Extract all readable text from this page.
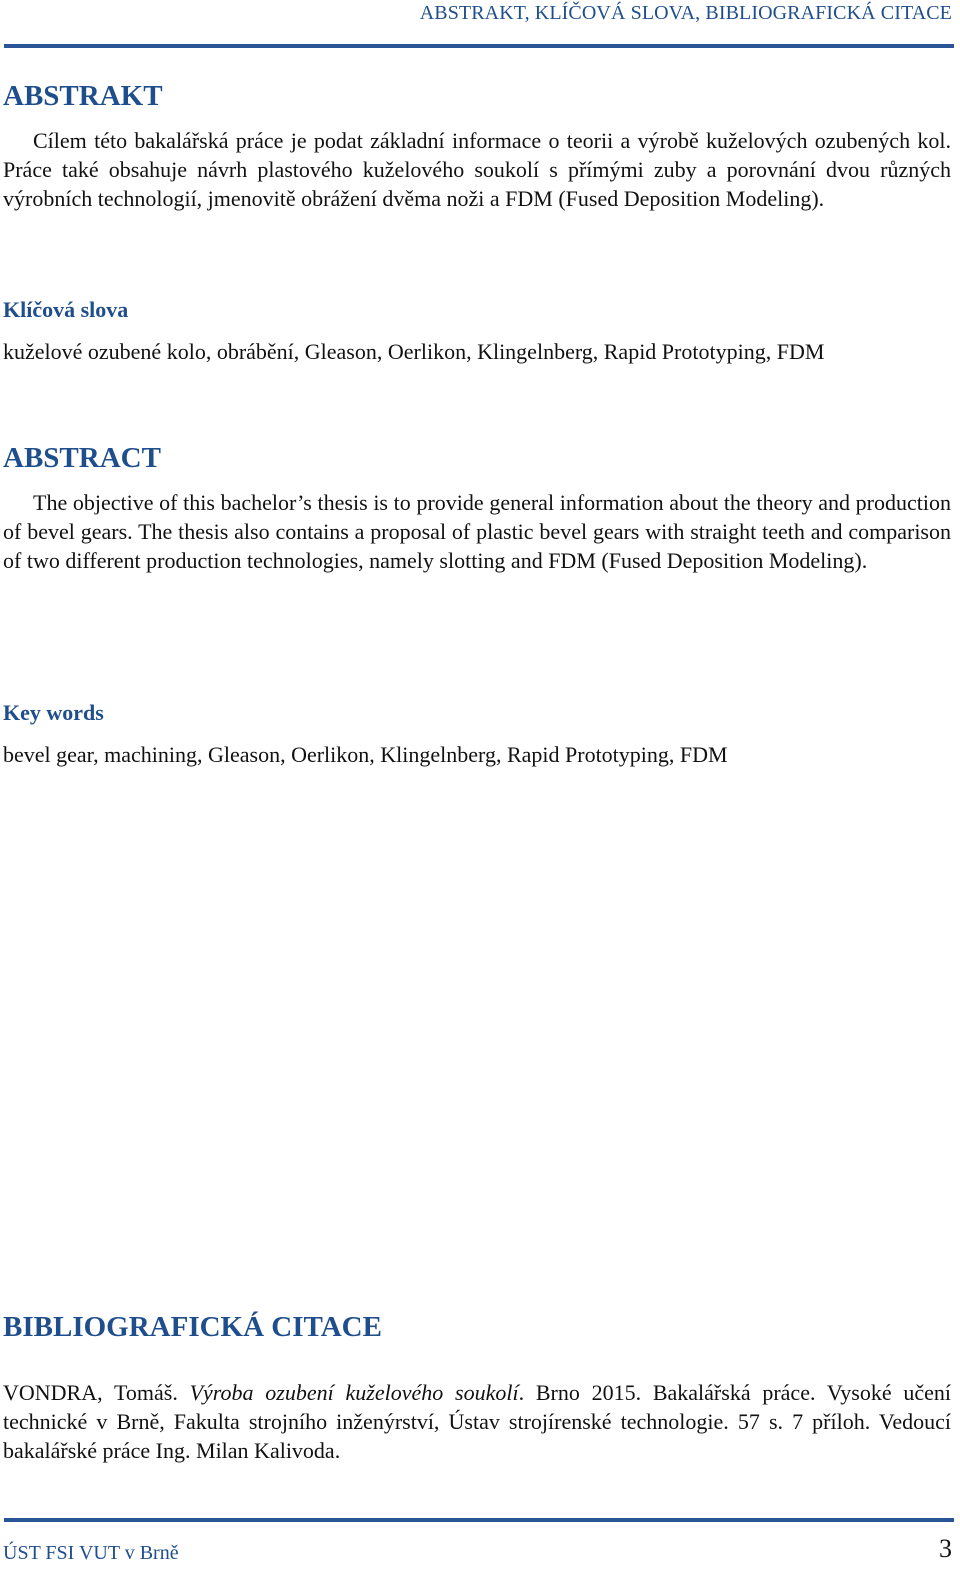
ABSTRAKT, KLÍČOVÁ SLOVA, BIBLIOGRAFICKÁ CITACE
ABSTRAKT

Cílem této bakalářská práce je podat základní informace o teorii a výrobě kuželových ozubených kol. Práce také obsahuje návrh plastového kuželového soukolí s přímými zuby a porovnání dvou různých výrobních technologií, jmenovitě obrážení dvěma noži a FDM (Fused Deposition Modeling).

Klíčová slova

kuželové ozubené kolo, obrábění, Gleason, Oerlikon, Klingelnberg, Rapid Prototyping, FDM

ABSTRACT

The objective of this bachelor’s thesis is to provide general information about the theory and production of bevel gears. The thesis also contains a proposal of plastic bevel gears with straight teeth and comparison of two different production technologies, namely slotting and FDM (Fused Deposition Modeling).

Key words

bevel gear, machining, Gleason, Oerlikon, Klingelnberg, Rapid Prototyping, FDM

BIBLIOGRAFICKÁ CITACE

VONDRA, Tomáš. Výroba ozubení kuželového soukolí. Brno 2015. Bakalářská práce. Vysoké učení technické v Brně, Fakulta strojního inženýrství, Ústav strojírenské technologie. 57 s. 7 příloh. Vedoucí bakalářské práce Ing. Milan Kalivoda.

ÚST FSI VUT v Brně	3
